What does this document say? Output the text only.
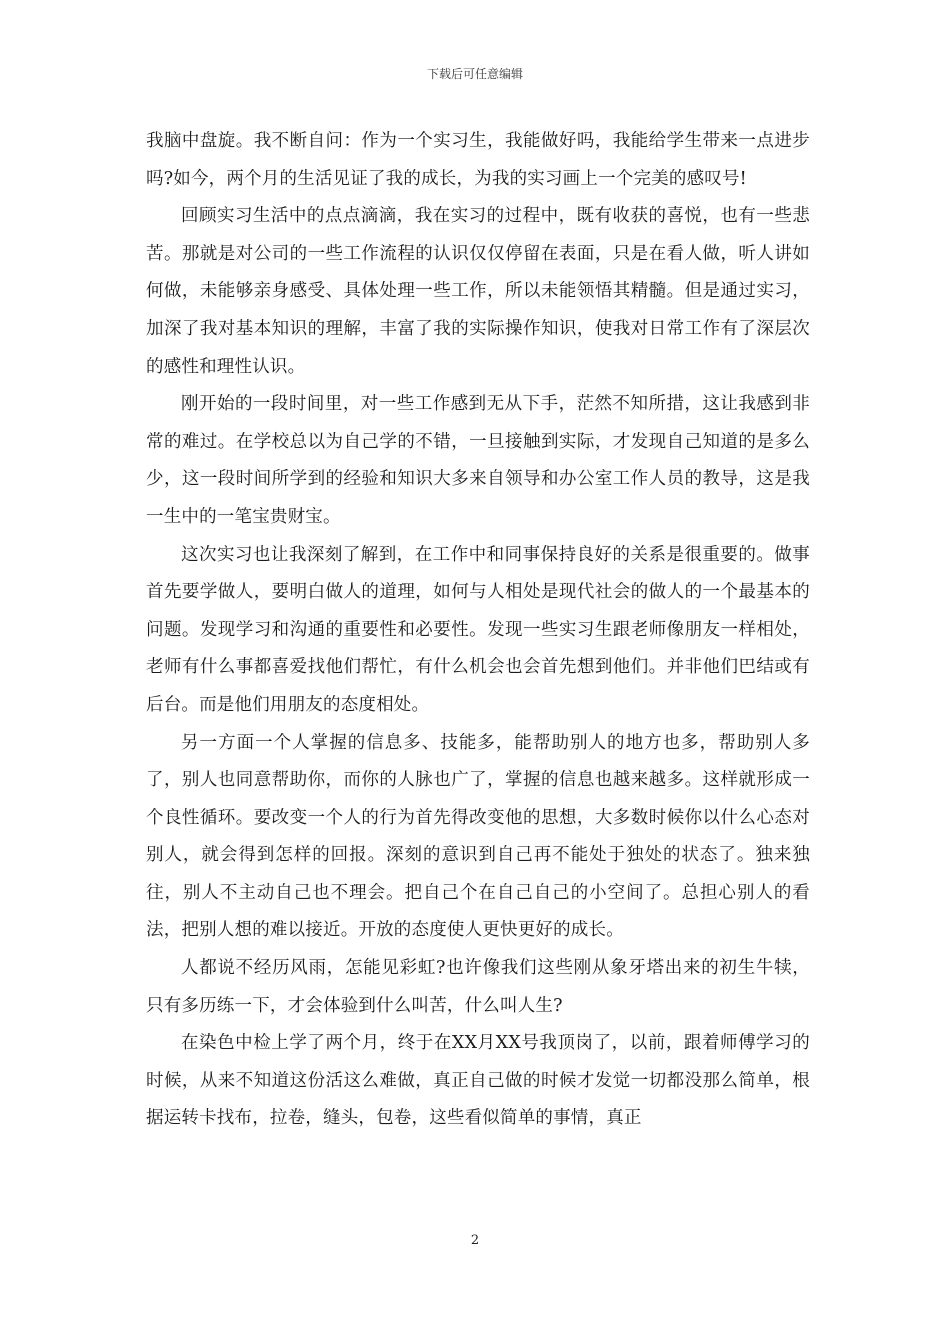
下载后可任意编辑

我脑中盘旋。我不断自问：作为一个实习生，我能做好吗，我能给学生带来一点进步吗?如今，两个月的生活见证了我的成长，为我的实习画上一个完美的感叹号!

回顾实习生活中的点点滴滴，我在实习的过程中，既有收获的喜悦，也有一些悲苦。那就是对公司的一些工作流程的认识仅仅停留在表面，只是在看人做，听人讲如何做，未能够亲身感受、具体处理一些工作，所以未能领悟其精髓。但是通过实习，加深了我对基本知识的理解，丰富了我的实际操作知识，使我对日常工作有了深层次的感性和理性认识。

刚开始的一段时间里，对一些工作感到无从下手，茫然不知所措，这让我感到非常的难过。在学校总以为自己学的不错，一旦接触到实际，才发现自己知道的是多么少，这一段时间所学到的经验和知识大多来自领导和办公室工作人员的教导，这是我一生中的一笔宝贵财宝。

这次实习也让我深刻了解到，在工作中和同事保持良好的关系是很重要的。做事首先要学做人，要明白做人的道理，如何与人相处是现代社会的做人的一个最基本的问题。发现学习和沟通的重要性和必要性。发现一些实习生跟老师像朋友一样相处，老师有什么事都喜爱找他们帮忙，有什么机会也会首先想到他们。并非他们巴结或有后台。而是他们用朋友的态度相处。

另一方面一个人掌握的信息多、技能多，能帮助别人的地方也多，帮助别人多了，别人也同意帮助你，而你的人脉也广了，掌握的信息也越来越多。这样就形成一个良性循环。要改变一个人的行为首先得改变他的思想，大多数时候你以什么心态对别人，就会得到怎样的回报。深刻的意识到自己再不能处于独处的状态了。独来独往，别人不主动自己也不理会。把自己个在自己自己的小空间了。总担心别人的看法，把别人想的难以接近。开放的态度使人更快更好的成长。

人都说不经历风雨，怎能见彩虹?也许像我们这些刚从象牙塔出来的初生牛犊，只有多历练一下，才会体验到什么叫苦，什么叫人生?

在染色中检上学了两个月，终于在XX月XX号我顶岗了，以前，跟着师傅学习的时候，从来不知道这份活这么难做，真正自己做的时候才发觉一切都没那么简单，根据运转卡找布，拉卷，缝头，包卷，这些看似简单的事情，真正

2
